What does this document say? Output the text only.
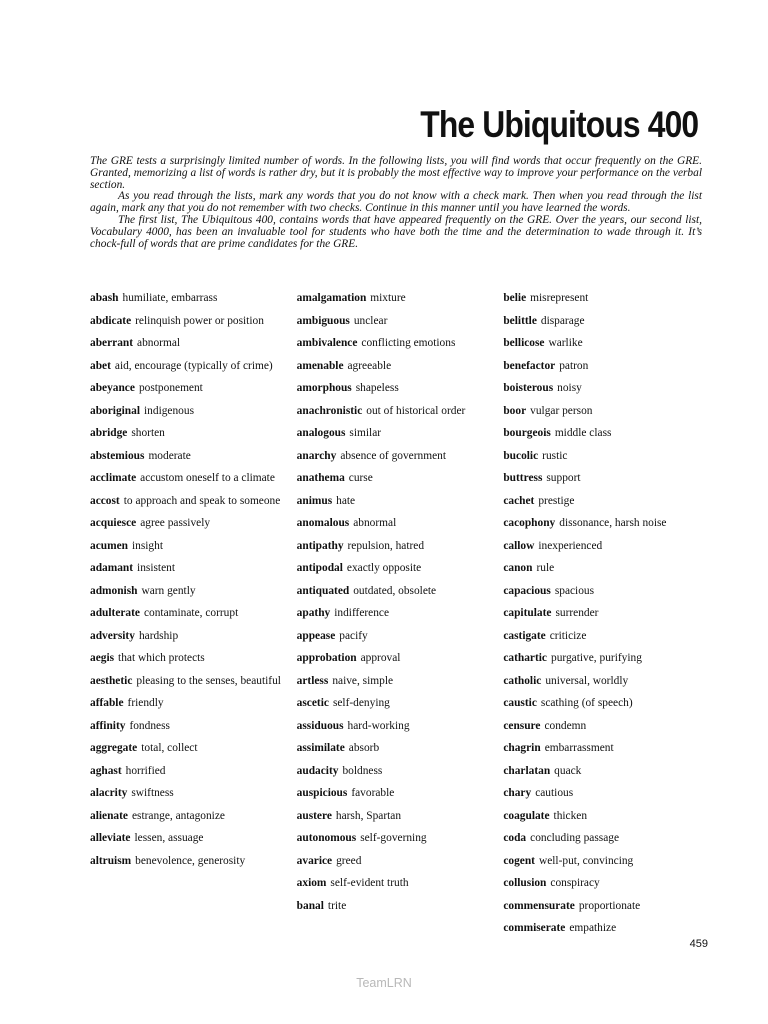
The Ubiquitous 400

The GRE tests a surprisingly limited number of words. In the following lists, you will find words that occur frequently on the GRE. Granted, memorizing a list of words is rather dry, but it is probably the most effective way to improve your performance on the verbal section.

As you read through the lists, mark any words that you do not know with a check mark. Then when you read through the list again, mark any that you do not remember with two checks. Continue in this manner until you have learned the words.

The first list, The Ubiquitous 400, contains words that have appeared frequently on the GRE. Over the years, our second list, Vocabulary 4000, has been an invaluable tool for students who have both the time and the determination to wade through it. It’s chock-full of words that are prime candidates for the GRE.

abash humiliate, embarrass
abdicate relinquish power or position
aberrant abnormal
abet aid, encourage (typically of crime)
abeyance postponement
aboriginal indigenous
abridge shorten
abstemious moderate
acclimate accustom oneself to a climate
accost to approach and speak to someone
acquiesce agree passively
acumen insight
adamant insistent
admonish warn gently
adulterate contaminate, corrupt
adversity hardship
aegis that which protects
aesthetic pleasing to the senses, beautiful
affable friendly
affinity fondness
aggregate total, collect
aghast horrified
alacrity swiftness
alienate estrange, antagonize
alleviate lessen, assuage
altruism benevolence, generosity
amalgamation mixture
ambiguous unclear
ambivalence conflicting emotions
amenable agreeable
amorphous shapeless
anachronistic out of historical order
analogous similar
anarchy absence of government
anathema curse
animus hate
anomalous abnormal
antipathy repulsion, hatred
antipodal exactly opposite
antiquated outdated, obsolete
apathy indifference
appease pacify
approbation approval
artless naive, simple
ascetic self-denying
assiduous hard-working
assimilate absorb
audacity boldness
auspicious favorable
austere harsh, Spartan
autonomous self-governing
avarice greed
axiom self-evident truth
banal trite
belie misrepresent
belittle disparage
bellicose warlike
benefactor patron
boisterous noisy
boor vulgar person
bourgeois middle class
bucolic rustic
buttress support
cachet prestige
cacophony dissonance, harsh noise
callow inexperienced
canon rule
capacious spacious
capitulate surrender
castigate criticize
cathartic purgative, purifying
catholic universal, worldly
caustic scathing (of speech)
censure condemn
chagrin embarrassment
charlatan quack
chary cautious
coagulate thicken
coda concluding passage
cogent well-put, convincing
collusion conspiracy
commensurate proportionate
commiserate empathize
459
TeamLRN
